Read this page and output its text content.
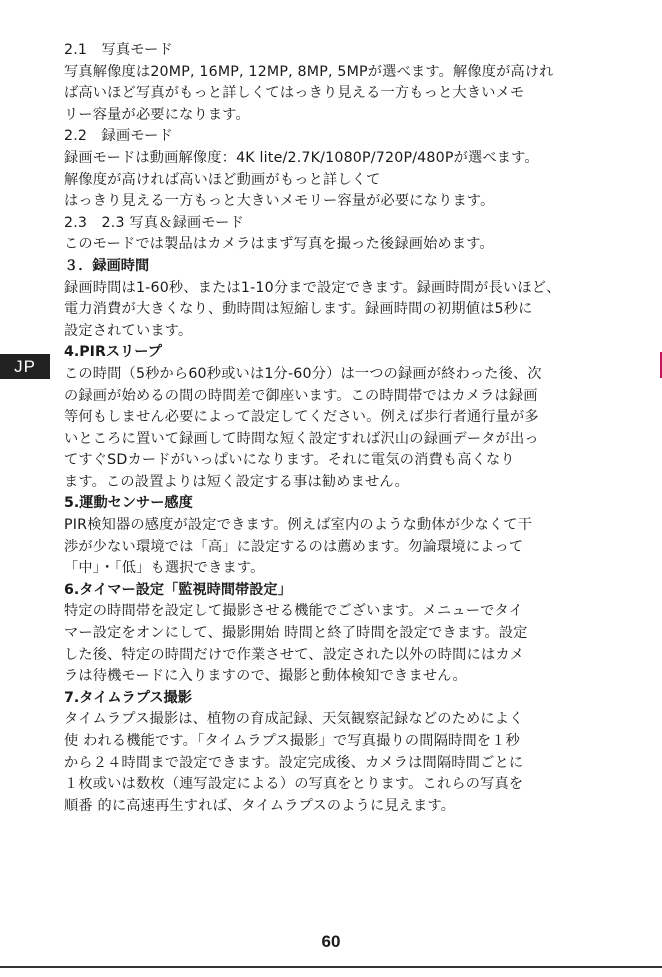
JP
2.1　写真モード
写真解像度は20MP, 16MP, 12MP, 8MP, 5MPが選べます。解像度が高けれ
ば高いほど写真がもっと詳しくてはっきり見える一方もっと大きいメモ
リー容量が必要になります。
2.2　録画モード
録画モードは動画解像度：4K lite/2.7K/1080P/720P/480Pが選べます。
解像度が高ければ高いほど動画がもっと詳しくて
はっきり見える一方もっと大きいメモリー容量が必要になります。
2.3　2.3 写真＆録画モード
このモードでは製品はカメラはまず写真を撮った後録画始めます。
３．録画時間
録画時間は1-60秒、または1-10分まで設定できます。録画時間が長いほど、
電力消費が大きくなり、動時間は短縮します。録画時間の初期値は5秒に
設定されています。
4.PIRスリープ
この時間（5秒から60秒或いは1分-60分）は一つの録画が終わった後、次
の録画が始めるの間の時間差で御座います。この時間帯ではカメラは録画
等何もしません必要によって設定してください。例えば歩行者通行量が多
いところに置いて録画して時間な短く設定すれば沢山の録画データが出っ
てすぐSDカードがいっぱいになります。それに電気の消費も高くなり
ます。この設置よりは短く設定する事は勧めません。
5.運動センサー感度
PIR検知器の感度が設定できます。例えば室内のような動体が少なくて干
渉が少ない環境では「高」に設定するのは薦めます。勿論環境によって
「中」・「低」も選択できます。
6.タイマー設定「監視時間帯設定」
特定の時間帯を設定して撮影させる機能でございます。メニューでタイ
マー設定をオンにして、撮影開始 時間と終了時間を設定できます。設定
した後、特定の時間だけで作業させて、設定された以外の時間にはカメ
ラは待機モードに入りますので、撮影と動体検知できません。
7.タイムラプス撮影
タイムラプス撮影は、植物の育成記録、天気観察記録などのためによく
使 われる機能です。「タイムラプス撮影」で写真撮りの間隔時間を１秒
から２４時間まで設定できます。設定完成後、カメラは間隔時間ごとに
１枚或いは数枚（連写設定による）の写真をとります。これらの写真を
順番 的に高速再生すれば、タイムラプスのように見えます。
60
